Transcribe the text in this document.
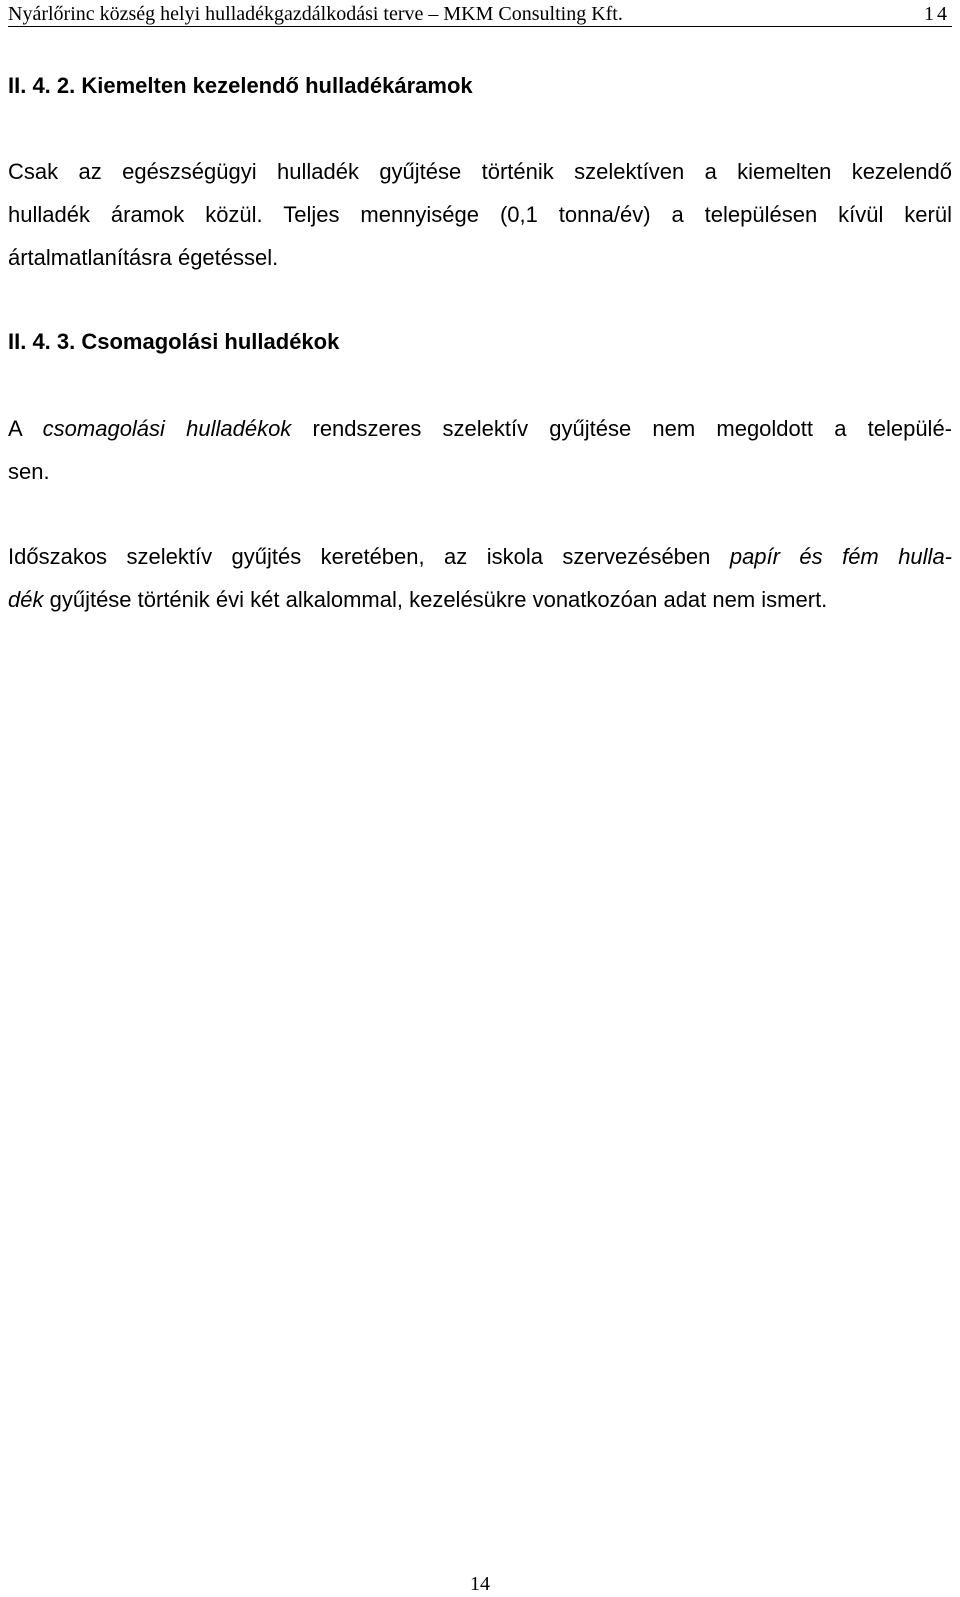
Nyárlőrinc község helyi hulladékgazdálkodási terve – MKM Consulting Kft.	14
II. 4. 2. Kiemelten kezelendő hulladékáramok

Csak az egészségügyi hulladék gyűjtése történik szelektíven a kiemelten kezelendő
hulladék áramok közül. Teljes mennyisége (0,1 tonna/év) a településen kívül kerül
ártalmatlanításra égetéssel.

II. 4. 3. Csomagolási hulladékok

A csomagolási hulladékok rendszeres szelektív gyűjtése nem megoldott a települé-
sen.

Időszakos szelektív gyűjtés keretében, az iskola szervezésében papír és fém hulla-
dék gyűjtése történik évi két alkalommal, kezelésükre vonatkozóan adat nem ismert.

14
